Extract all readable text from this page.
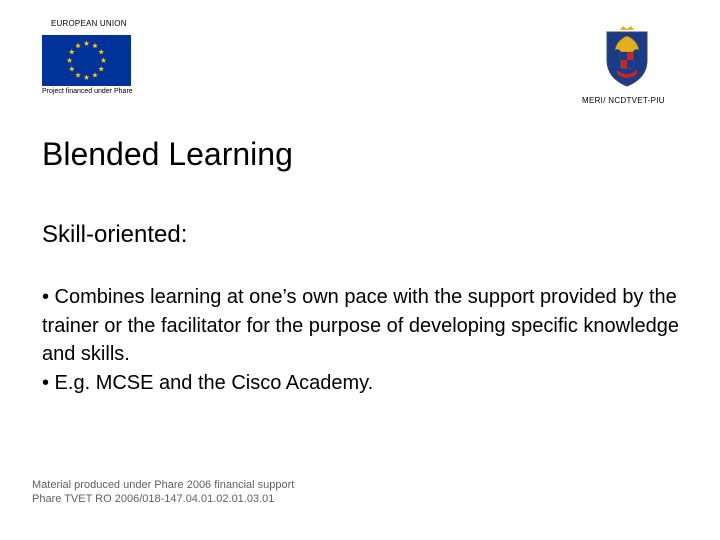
EUROPEAN UNION
Project financed under Phare
MERI/ NCDTVET-PIU
Blended Learning
Skill-oriented:
• Combines learning at one’s own pace with the support provided by the trainer or the facilitator for the purpose of developing specific knowledge and skills.
• E.g. MCSE and the Cisco Academy.
Material produced under Phare 2006 financial support
Phare TVET RO 2006/018-147.04.01.02.01.03.01
